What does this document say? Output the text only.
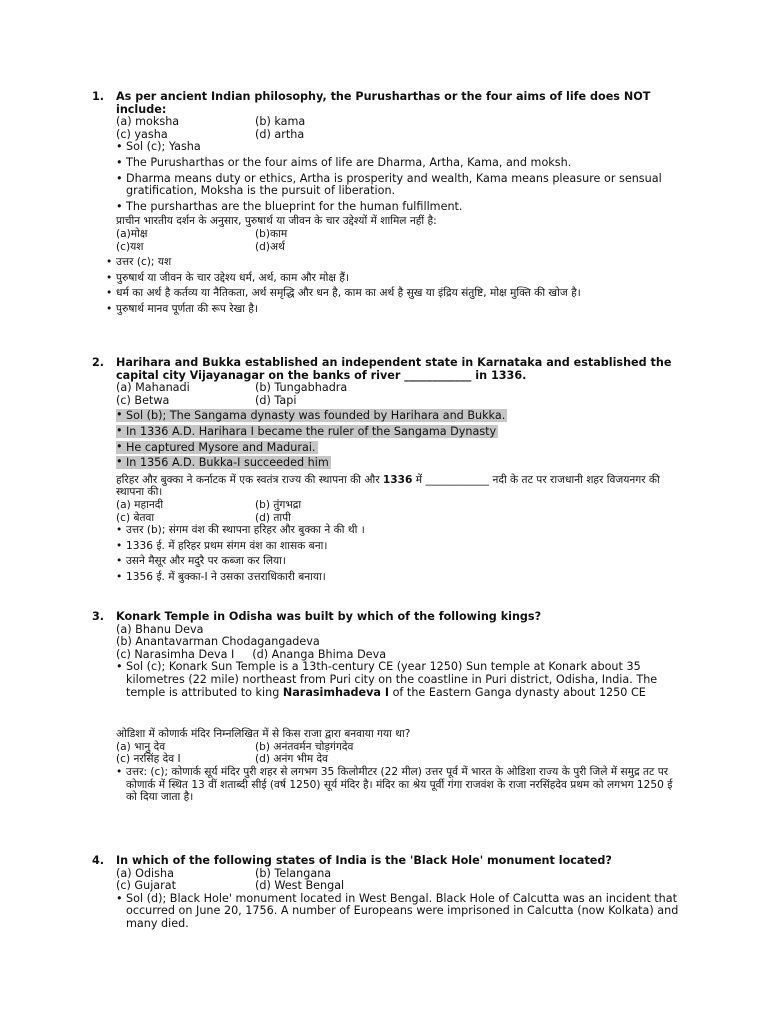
1. As per ancient Indian philosophy, the Purusharthas or the four aims of life does NOT include:
(a) moksha	(b) kama
(c) yasha	(d) artha
• Sol (c); Yasha
• The Purusharthas or the four aims of life are Dharma, Artha, Kama, and moksh.
• Dharma means duty or ethics, Artha is prosperity and wealth, Kama means pleasure or sensual gratification, Moksha is the pursuit of liberation.
• The pursharthas are the blueprint for the human fulfillment.
प्राचीन भारतीय दर्शन के अनुसार, पुरुषार्थ या जीवन के चार उद्देश्यों में शामिल नहीं है:
(a)मोक्ष	(b)काम
(c)यश	(d)अर्थ
• उत्तर (c); यश
• पुरुषार्थ या जीवन के चार उद्देश्य धर्म, अर्थ, काम और मोक्ष हैं।
• धर्म का अर्थ है कर्तव्य या नैतिकता, अर्थ समृद्धि और धन है, काम का अर्थ है सुख या इंद्रिय संतुष्टि, मोक्ष मुक्ति की खोज है।
• पुरुषार्थ मानव पूर्णता की रूप रेखा है।
2. Harihara and Bukka established an independent state in Karnataka and established the capital city Vijayanagar on the banks of river ____________ in 1336.
(a) Mahanadi	(b) Tungabhadra
(c) Betwa	(d) Tapi
• Sol (b); The Sangama dynasty was founded by Harihara and Bukka.
• In 1336 A.D. Harihara I became the ruler of the Sangama Dynasty
• He captured Mysore and Madurai.
• In 1356 A.D. Bukka-I succeeded him
हरिहर और बुक्का ने कर्नाटक में एक स्वतंत्र राज्य की स्थापना की और 1336 में ____________ नदी के तट पर राजधानी शहर विजयनगर की स्थापना की।
(a) महानदी	(b) तुंगभद्रा
(c) बेतवा	(d) तापी
• उत्तर (b); संगम वंश की स्थापना हरिहर और बुक्का ने की थी ।
• 1336 ई. में हरिहर प्रथम संगम वंश का शासक बना।
• उसने मैसूर और मदुरै पर कब्जा कर लिया।
• 1356 ई. में बुक्का-I ने उसका उत्तराधिकारी बनाया।
3. Konark Temple in Odisha was built by which of the following kings?
(a) Bhanu Deva
(b) Anantavarman Chodagangadeva
(c) Narasimha Deva I (d) Ananga Bhima Deva
• Sol (c); Konark Sun Temple is a 13th-century CE (year 1250) Sun temple at Konark about 35 kilometres (22 mile) northeast from Puri city on the coastline in Puri district, Odisha, India. The temple is attributed to king Narasimhadeva I of the Eastern Ganga dynasty about 1250 CE
ओडिशा में कोणार्क मंदिर निम्नलिखित में से किस राजा द्वारा बनवाया गया था?
(a) भानु देव	(b) अनंतवर्मन चोड़गंगदेव
(c) नरसिंह देव I	(d) अनंग भीम देव
• उत्तर: (c); कोणार्क सूर्य मंदिर पुरी शहर से लगभग 35 किलोमीटर (22 मील) उत्तर पूर्व में भारत के ओडिशा राज्य के पुरी जिले में समुद्र तट पर कोणार्क में स्थित 13 वीं शताब्दी सीई (वर्ष 1250) सूर्य मंदिर है। मंदिर का श्रेय पूर्वी गंगा राजवंश के राजा नरसिंहदेव प्रथम को लगभग 1250 ई को दिया जाता है।
4. In which of the following states of India is the 'Black Hole' monument located?
(a) Odisha	(b) Telangana
(c) Gujarat	(d) West Bengal
• Sol (d); Black Hole' monument located in West Bengal. Black Hole of Calcutta was an incident that occurred on June 20, 1756. A number of Europeans were imprisoned in Calcutta (now Kolkata) and many died.
